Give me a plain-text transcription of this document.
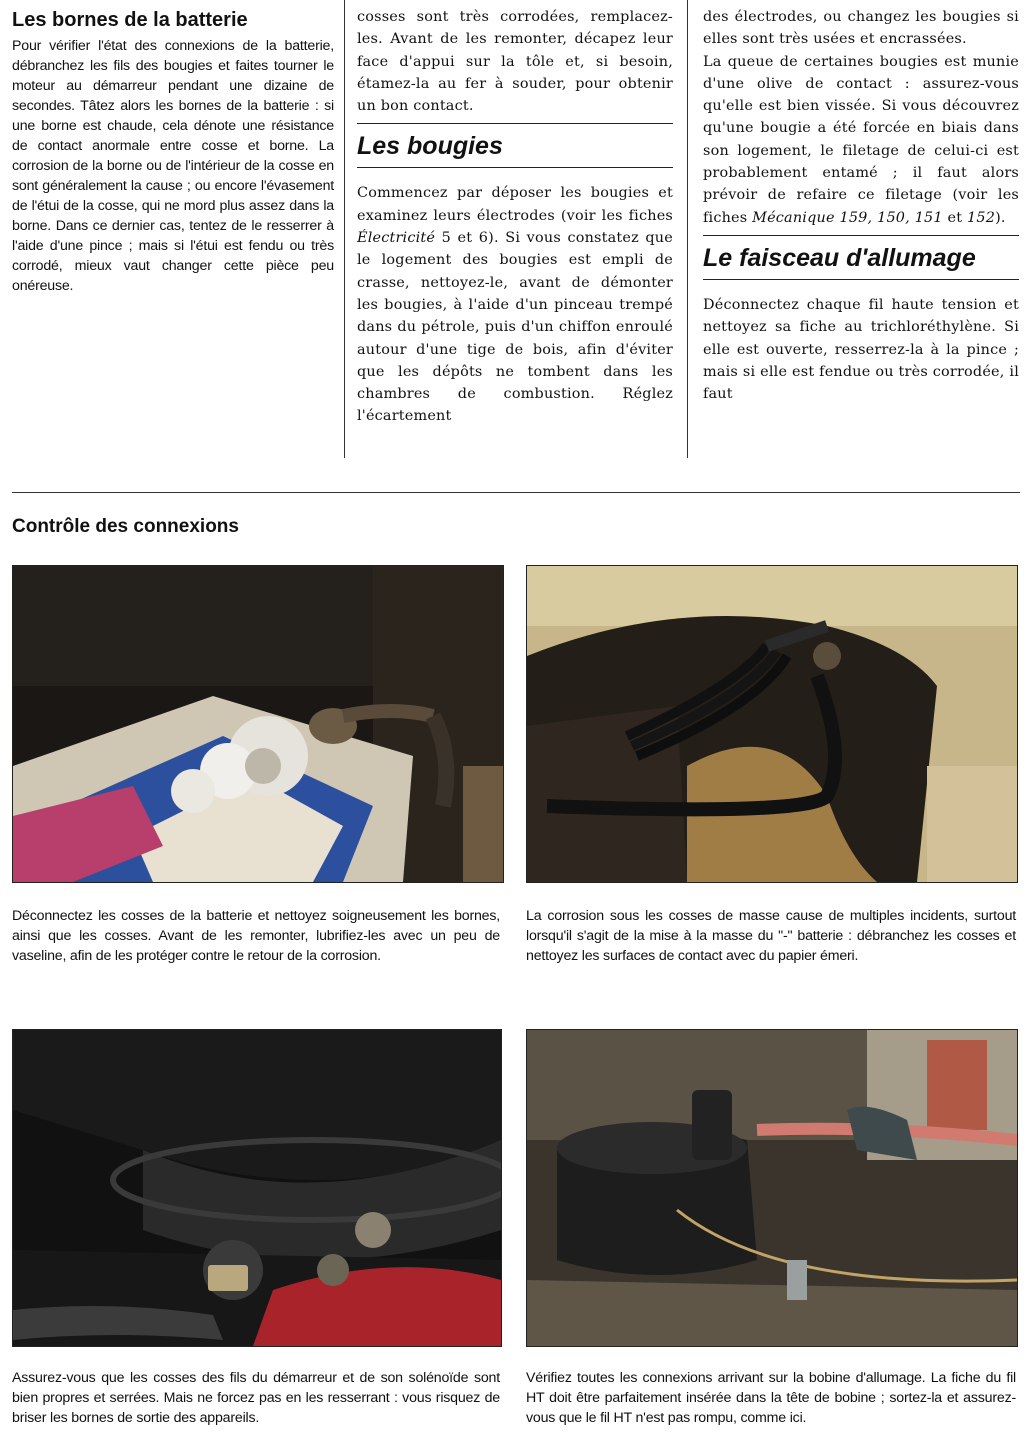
Les bornes de la batterie

Pour vérifier l'état des connexions de la batterie, débranchez les fils des bougies et faites tourner le moteur au démarreur pendant une dizaine de secondes. Tâtez alors les bornes de la batterie : si une borne est chaude, cela dénote une résistance de contact anormale entre cosse et borne. La corrosion de la borne ou de l'intérieur de la cosse en sont généralement la cause ; ou encore l'évasement de l'étui de la cosse, qui ne mord plus assez dans la borne. Dans ce dernier cas, tentez de le resserrer à l'aide d'une pince ; mais si l'étui est fendu ou très corrodé, mieux vaut changer cette pièce peu onéreuse.

cosses sont très corrodées, remplacez-les. Avant de les remonter, décapez leur face d'appui sur la tôle et, si besoin, étamez-la au fer à souder, pour obtenir un bon contact.

Les bougies

Commencez par déposer les bougies et examinez leurs électrodes (voir les fiches Électricité 5 et 6). Si vous constatez que le logement des bougies est empli de crasse, nettoyez-le, avant de démonter les bougies, à l'aide d'un pinceau trempé dans du pétrole, puis d'un chiffon enroulé autour d'une tige de bois, afin d'éviter que les dépôts ne tombent dans les chambres de combustion. Réglez l'écartement

des électrodes, ou changez les bougies si elles sont très usées et encrassées.

La queue de certaines bougies est munie d'une olive de contact : assurez-vous qu'elle est bien vissée. Si vous découvrez qu'une bougie a été forcée en biais dans son logement, le filetage de celui-ci est probablement entamé ; il faut alors prévoir de refaire ce filetage (voir les fiches Mécanique 159, 150, 151 et 152).

Le faisceau d'allumage

Déconnectez chaque fil haute tension et nettoyez sa fiche au trichloréthylène. Si elle est ouverte, resserrez-la à la pince ; mais si elle est fendue ou très corrodée, il faut

Contrôle des connexions

Déconnectez les cosses de la batterie et nettoyez soigneusement les bornes, ainsi que les cosses. Avant de les remonter, lubrifiez-les avec un peu de vaseline, afin de les protéger contre le retour de la corrosion.

La corrosion sous les cosses de masse cause de multiples incidents, surtout lorsqu'il s'agit de la mise à la masse du "-" batterie : débranchez les cosses et nettoyez les surfaces de contact avec du papier émeri.

Assurez-vous que les cosses des fils du démarreur et de son solénoïde sont bien propres et serrées. Mais ne forcez pas en les resserrant : vous risquez de briser les bornes de sortie des appareils.

Vérifiez toutes les connexions arrivant sur la bobine d'allumage. La fiche du fil HT doit être parfaitement insérée dans la tête de bobine ; sortez-la et assurez-vous que le fil HT n'est pas rompu, comme ici.
